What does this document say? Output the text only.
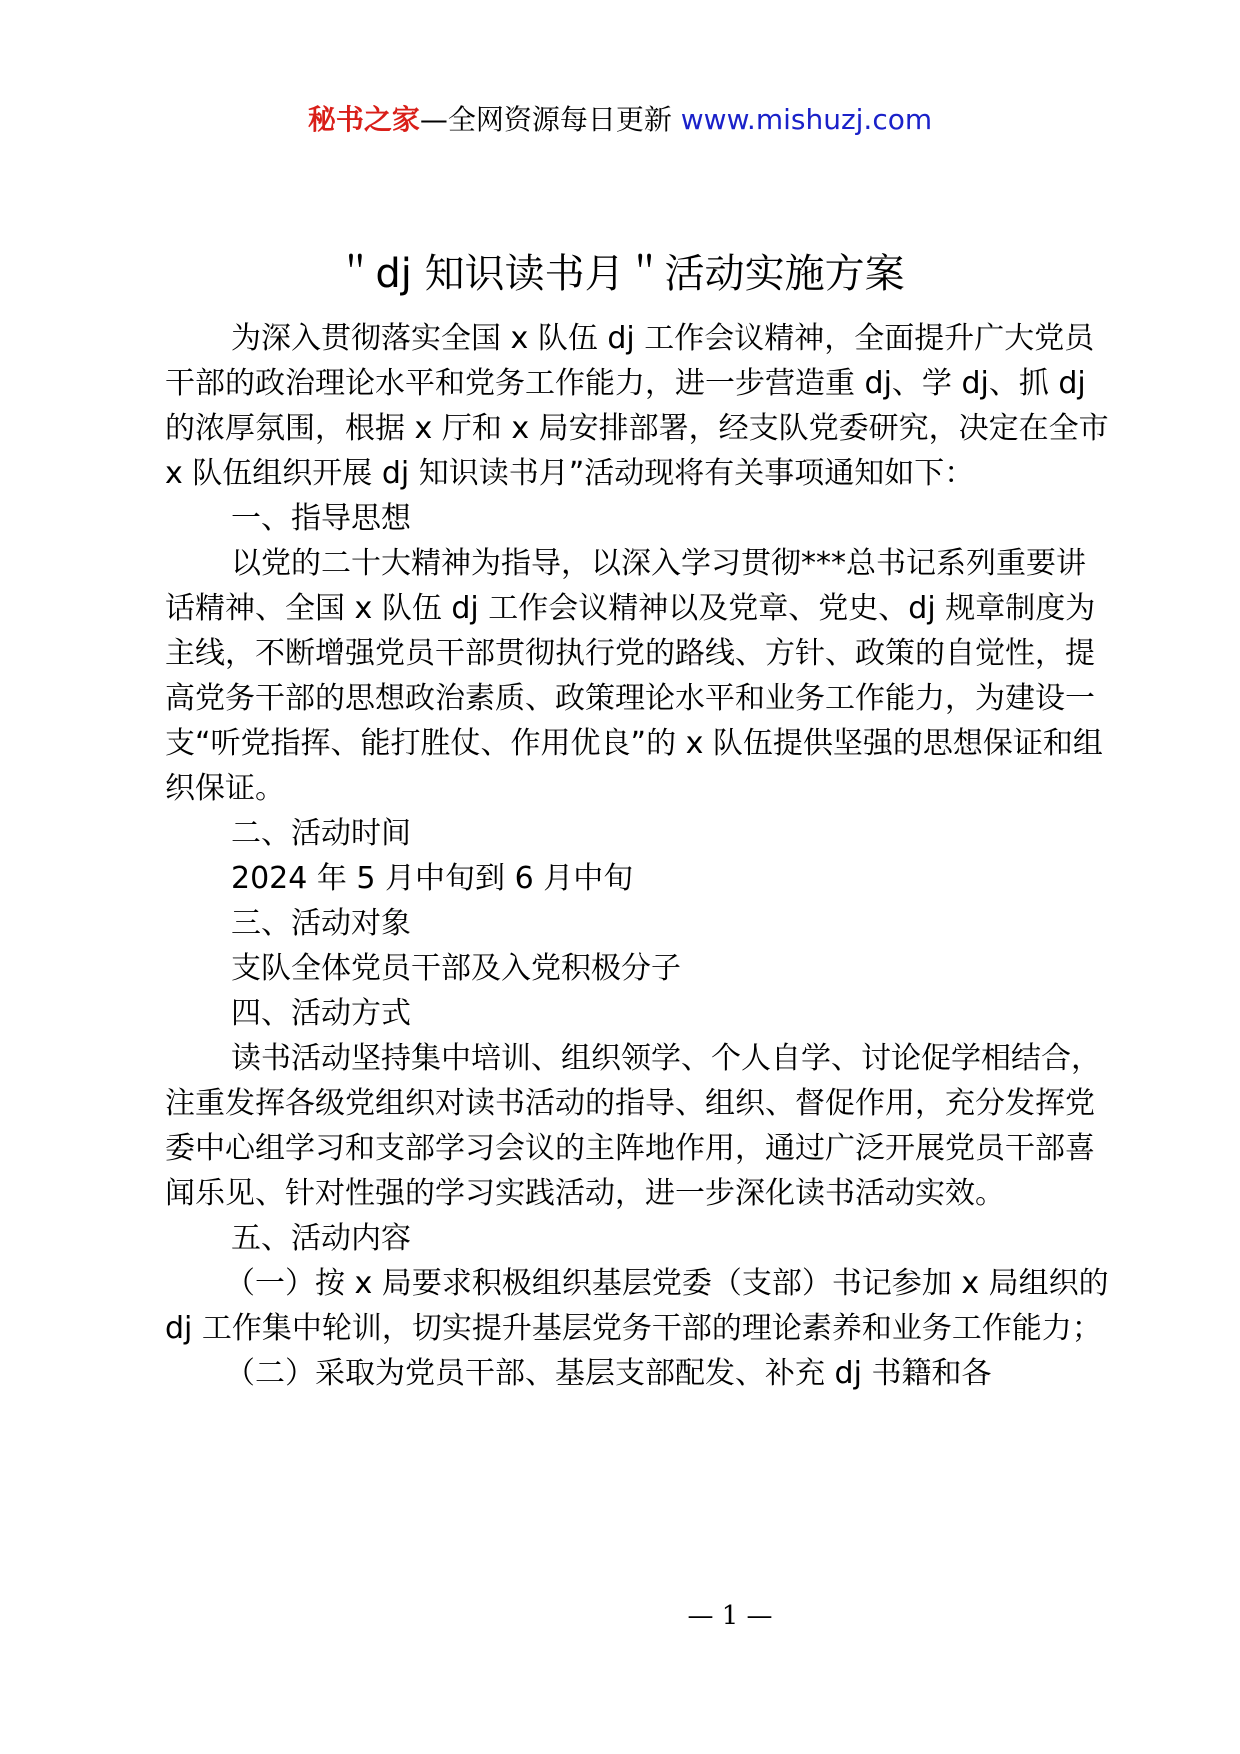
秘书之家—全网资源每日更新 www.mishuzj.com
＂dj 知识读书月＂活动实施方案

为深入贯彻落实全国 x 队伍 dj 工作会议精神，全面提升广大党员干部的政治理论水平和党务工作能力，进一步营造重 dj、学 dj、抓 dj 的浓厚氛围，根据 x 厅和 x 局安排部署，经支队党委研究，决定在全市 x 队伍组织开展 dj 知识读书月”活动现将有关事项通知如下：

一、指导思想

以党的二十大精神为指导，以深入学习贯彻***总书记系列重要讲话精神、全国 x 队伍 dj 工作会议精神以及党章、党史、dj 规章制度为主线，不断增强党员干部贯彻执行党的路线、方针、政策的自觉性，提高党务干部的思想政治素质、政策理论水平和业务工作能力，为建设一支“听党指挥、能打胜仗、作用优良”的 x 队伍提供坚强的思想保证和组织保证。

二、活动时间

2024 年 5 月中旬到 6 月中旬

三、活动对象

支队全体党员干部及入党积极分子

四、活动方式

读书活动坚持集中培训、组织领学、个人自学、讨论促学相结合，注重发挥各级党组织对读书活动的指导、组织、督促作用，充分发挥党委中心组学习和支部学习会议的主阵地作用，通过广泛开展党员干部喜闻乐见、针对性强的学习实践活动，进一步深化读书活动实效。

五、活动内容

（一）按 x 局要求积极组织基层党委（支部）书记参加 x 局组织的 dj 工作集中轮训，切实提升基层党务干部的理论素养和业务工作能力；

（二）采取为党员干部、基层支部配发、补充 dj 书籍和各

— 1 —
